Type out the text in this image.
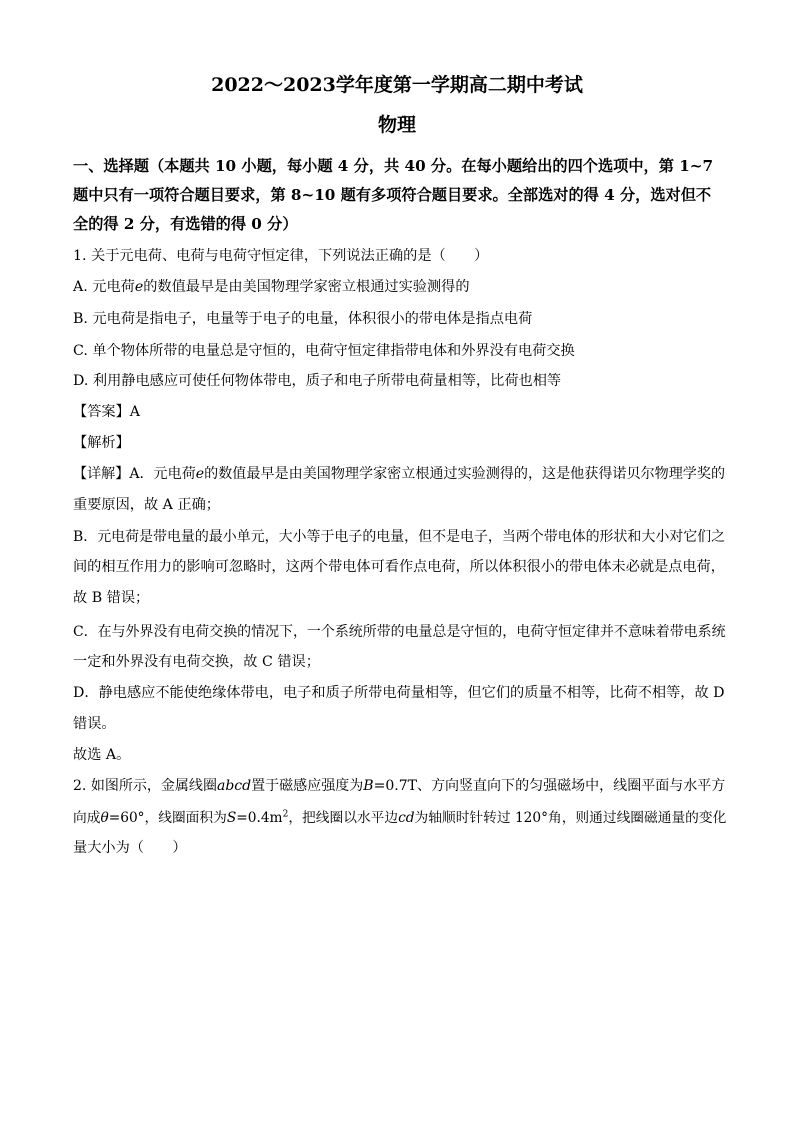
2022～2023学年度第一学期高二期中考试
物理
一、选择题（本题共 10 小题，每小题 4 分，共 40 分。在每小题给出的四个选项中，第 1~7
题中只有一项符合题目要求，第 8~10 题有多项符合题目要求。全部选对的得 4 分，选对但不
全的得 2 分，有选错的得 0 分）
1. 关于元电荷、电荷与电荷守恒定律，下列说法正确的是（　　）
A. 元电荷e的数值最早是由美国物理学家密立根通过实验测得的
B. 元电荷是指电子，电量等于电子的电量，体积很小的带电体是指点电荷
C. 单个物体所带的电量总是守恒的，电荷守恒定律指带电体和外界没有电荷交换
D. 利用静电感应可使任何物体带电，质子和电子所带电荷量相等，比荷也相等
【答案】A
【解析】
【详解】A．元电荷e的数值最早是由美国物理学家密立根通过实验测得的，这是他获得诺贝尔物理学奖的
重要原因，故 A 正确；
B．元电荷是带电量的最小单元，大小等于电子的电量，但不是电子，当两个带电体的形状和大小对它们之
间的相互作用力的影响可忽略时，这两个带电体可看作点电荷，所以体积很小的带电体未必就是点电荷，
故 B 错误；
C．在与外界没有电荷交换的情况下，一个系统所带的电量总是守恒的，电荷守恒定律并不意味着带电系统
一定和外界没有电荷交换，故 C 错误；
D．静电感应不能使绝缘体带电，电子和质子所带电荷量相等，但它们的质量不相等，比荷不相等，故 D
错误。
故选 A。
2. 如图所示，金属线圈abcd置于磁感应强度为B=0.7T、方向竖直向下的匀强磁场中，线圈平面与水平方
向成θ=60°，线圈面积为$S=0.4m^2$，把线圈以水平边cd为轴顺时针转过 120°角，则通过线圈磁通量的变化
量大小为（　　）
